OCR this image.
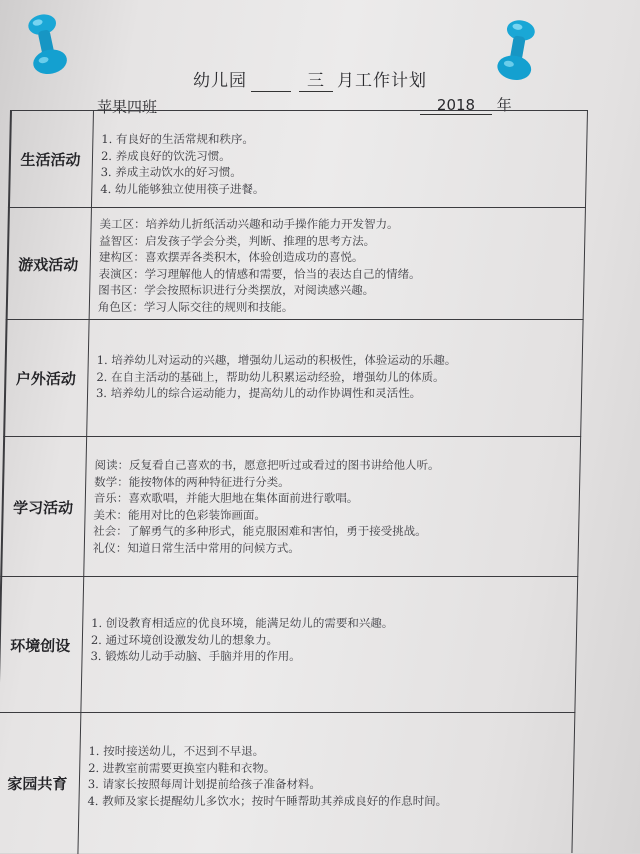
幼儿园	三 月工作计划
苹果四班	2018 年
生活活动
1. 有良好的生活常规和秩序。
2. 养成良好的饮洗习惯。
3. 养成主动饮水的好习惯。
4. 幼儿能够独立使用筷子进餐。
游戏活动
美工区：培养幼儿折纸活动兴趣和动手操作能力开发智力。
益智区：启发孩子学会分类，判断、推理的思考方法。
建构区：喜欢摆弄各类积木，体验创造成功的喜悦。
表演区：学习理解他人的情感和需要，恰当的表达自己的情绪。
图书区：学会按照标识进行分类摆放，对阅读感兴趣。
角色区：学习人际交往的规则和技能。
户外活动
1. 培养幼儿对运动的兴趣，增强幼儿运动的积极性，体验运动的乐趣。
2. 在自主活动的基础上，帮助幼儿积累运动经验，增强幼儿的体质。
3. 培养幼儿的综合运动能力，提高幼儿的动作协调性和灵活性。
学习活动
阅读：反复看自己喜欢的书，愿意把听过或看过的图书讲给他人听。
数学：能按物体的两种特征进行分类。
音乐：喜欢歌唱，并能大胆地在集体面前进行歌唱。
美术：能用对比的色彩装饰画面。
社会：了解勇气的多种形式，能克服困难和害怕，勇于接受挑战。
礼仪：知道日常生活中常用的问候方式。
环境创设
1. 创设教育相适应的优良环境，能满足幼儿的需要和兴趣。
2. 通过环境创设激发幼儿的想象力。
3. 锻炼幼儿动手动脑、手脑并用的作用。
家园共育
1. 按时接送幼儿，不迟到不早退。
2. 进教室前需要更换室内鞋和衣物。
3. 请家长按照每周计划提前给孩子准备材料。
4. 教师及家长提醒幼儿多饮水；按时午睡帮助其养成良好的作息时间。
